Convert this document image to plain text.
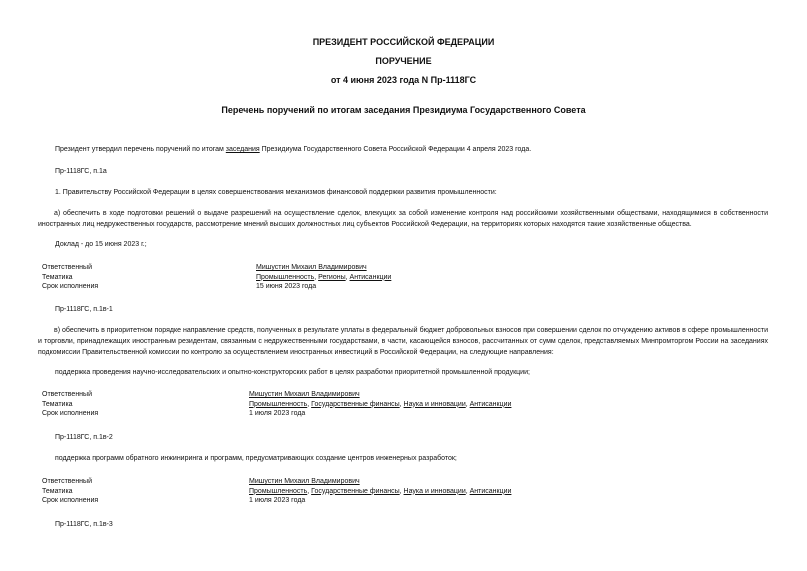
ПРЕЗИДЕНТ РОССИЙСКОЙ ФЕДЕРАЦИИ
ПОРУЧЕНИЕ
от 4 июня 2023 года N Пр-1118ГС
Перечень поручений по итогам заседания Президиума Государственного Совета
Президент утвердил перечень поручений по итогам заседания Президиума Государственного Совета Российской Федерации 4 апреля 2023 года.
Пр-1118ГС, п.1а
1. Правительству Российской Федерации в целях совершенствования механизмов финансовой поддержки развития промышленности:
а) обеспечить в ходе подготовки решений о выдаче разрешений на осуществление сделок, влекущих за собой изменение контроля над российскими хозяйственными обществами, находящимися в собственности иностранных лиц недружественных государств, рассмотрение мнений высших должностных лиц субъектов Российской Федерации, на территориях которых находятся такие хозяйственные общества.
Доклад - до 15 июня 2023 г.;
Ответственный	Мишустин Михаил Владимирович
Тематика	Промышленность, Регионы, Антисанкции
Срок исполнения	15 июня 2023 года
Пр-1118ГС, п.1в-1
в) обеспечить в приоритетном порядке направление средств, полученных в результате уплаты в федеральный бюджет добровольных взносов при совершении сделок по отчуждению активов в сфере промышленности и торговли, принадлежащих иностранным резидентам, связанным с недружественными государствами, в части, касающейся взносов, рассчитанных от сумм сделок, представляемых Минпромторгом России на заседаниях подкомиссии Правительственной комиссии по контролю за осуществлением иностранных инвестиций в Российской Федерации, на следующие направления:
поддержка проведения научно-исследовательских и опытно-конструкторских работ в целях разработки приоритетной промышленной продукции;
Ответственный	Мишустин Михаил Владимирович
Тематика	Промышленность, Государственные финансы, Наука и инновации, Антисанкции
Срок исполнения	1 июля 2023 года
Пр-1118ГС, п.1в-2
поддержка программ обратного инжиниринга и программ, предусматривающих создание центров инженерных разработок;
Ответственный	Мишустин Михаил Владимирович
Тематика	Промышленность, Государственные финансы, Наука и инновации, Антисанкции
Срок исполнения	1 июля 2023 года
Пр-1118ГС, п.1в-3
